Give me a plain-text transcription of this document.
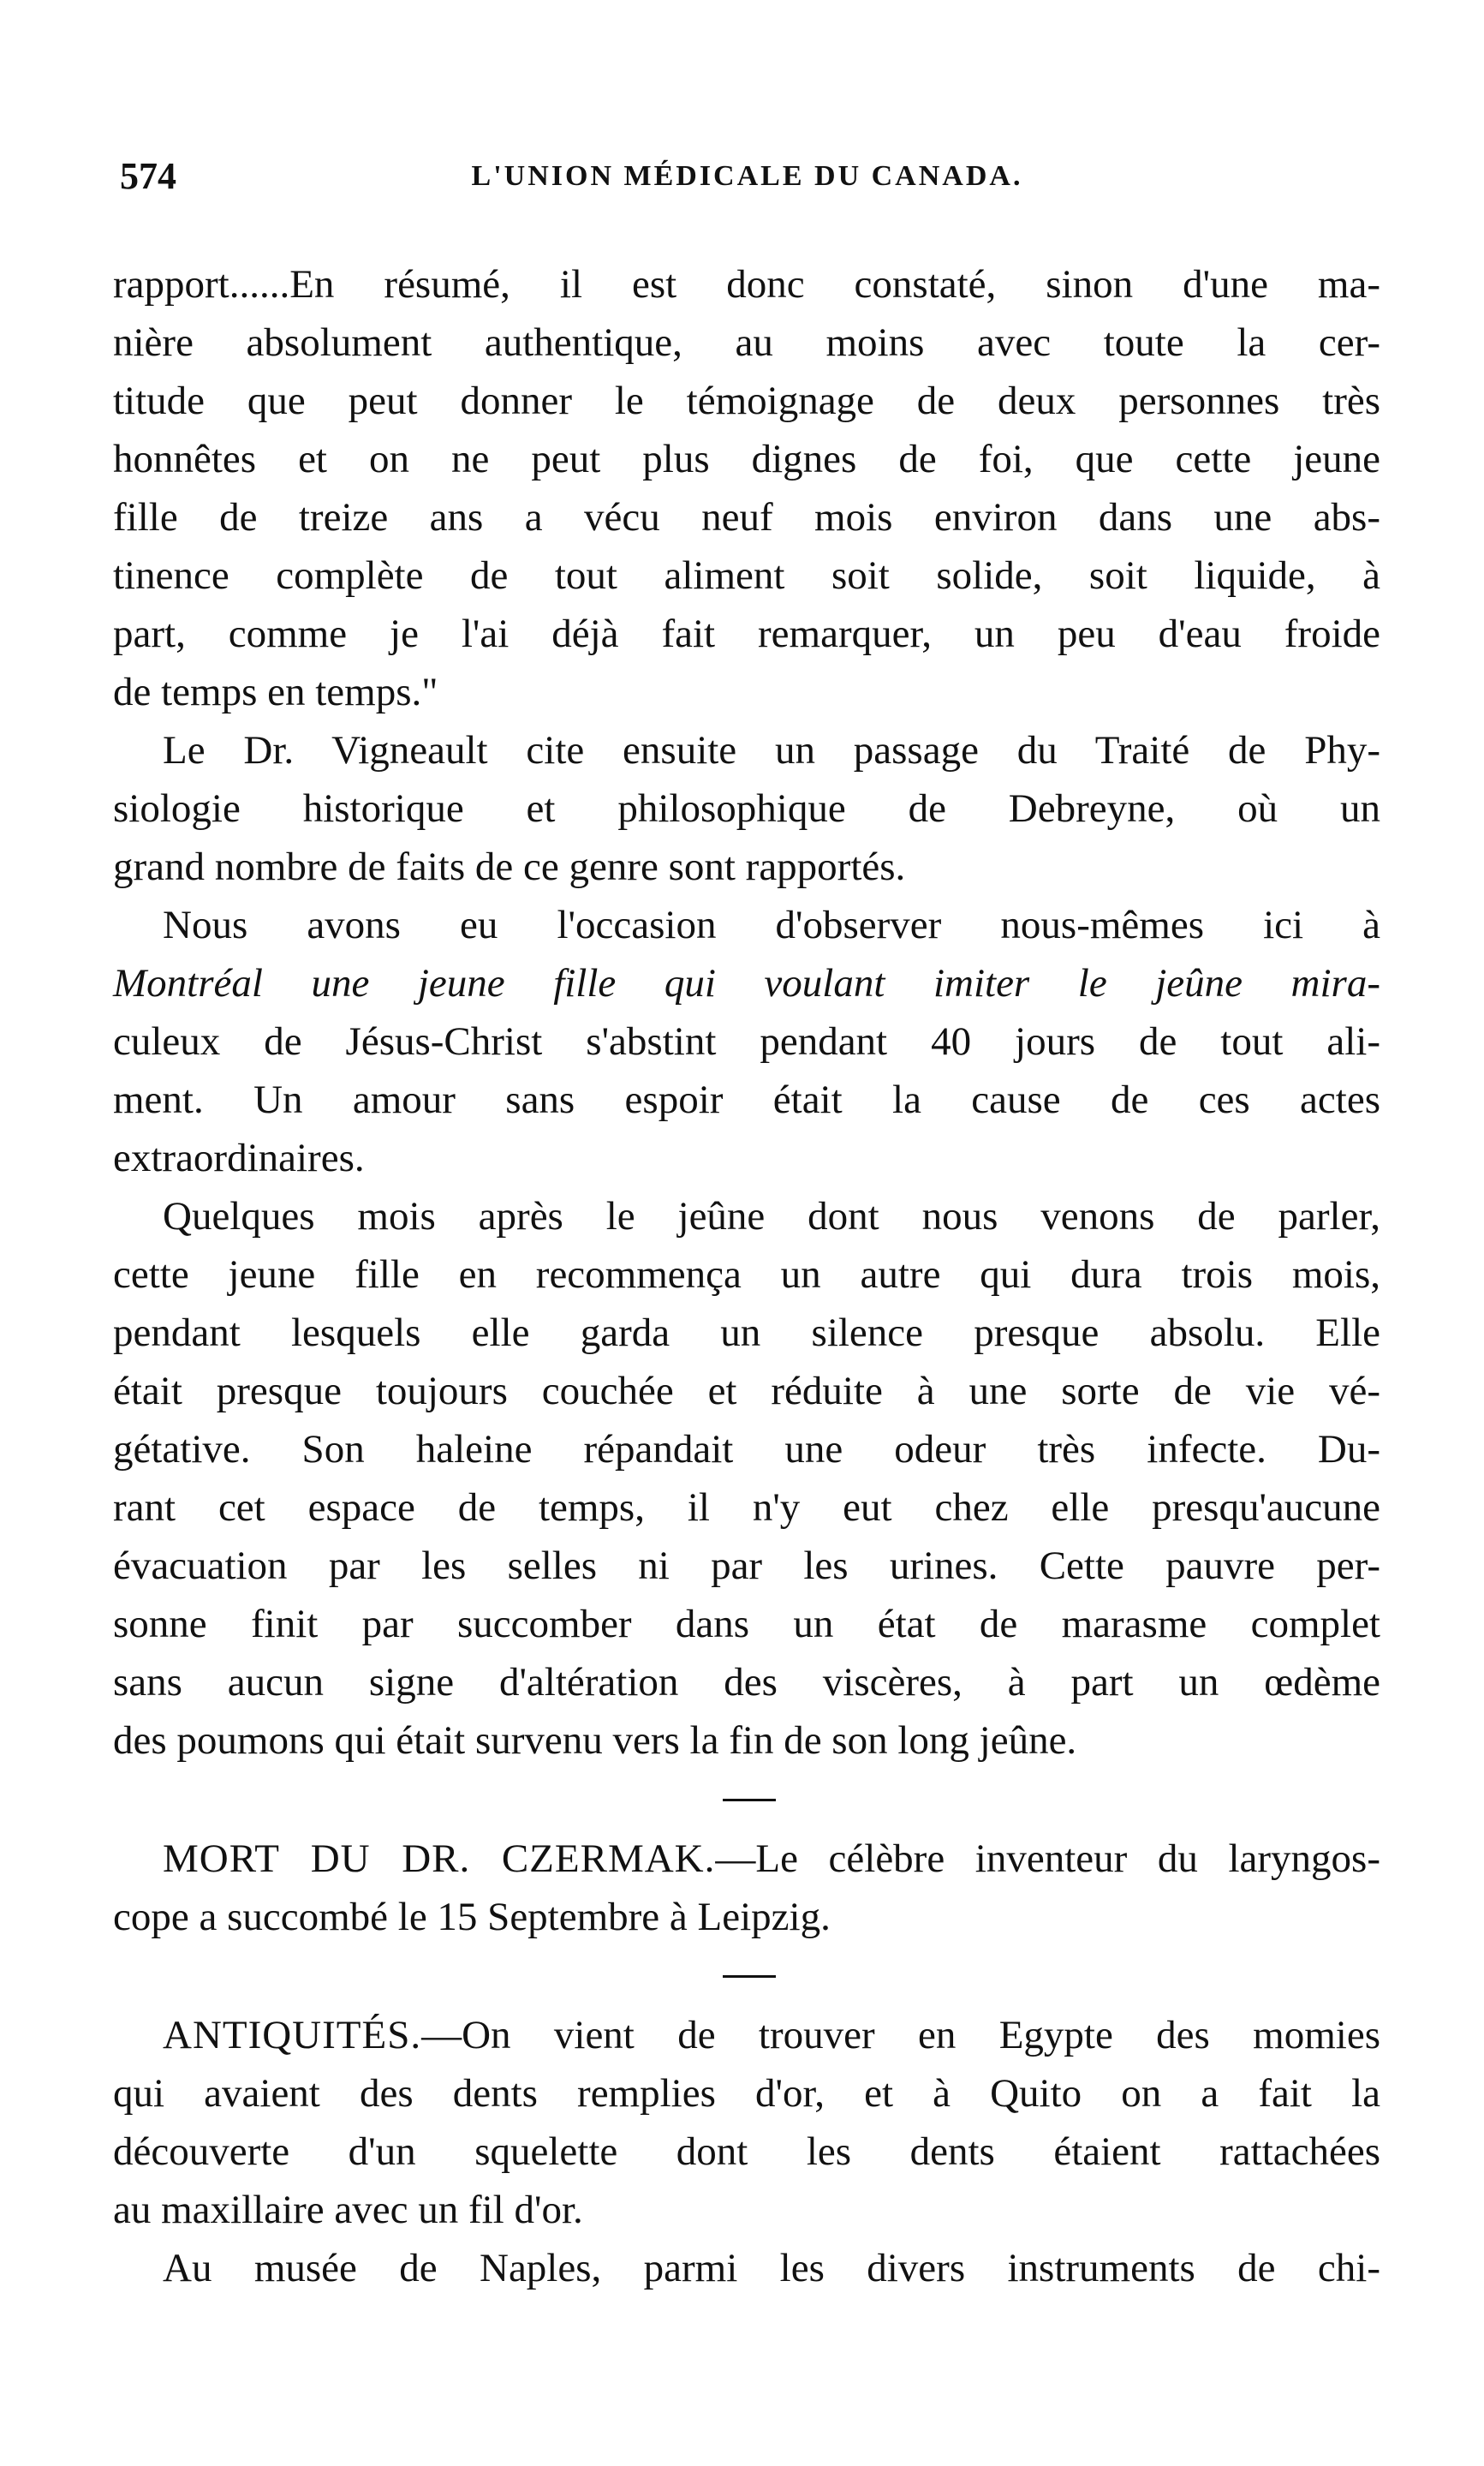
574	L'UNION MÉDICALE DU CANADA.
rapport......En résumé, il est donc constaté, sinon d'une ma-
nière absolument authentique, au moins avec toute la cer-
titude que peut donner le témoignage de deux personnes très
honnêtes et on ne peut plus dignes de foi, que cette jeune
fille de treize ans a vécu neuf mois environ dans une abs-
tinence complète de tout aliment soit solide, soit liquide, à
part, comme je l'ai déjà fait remarquer, un peu d'eau froide
de temps en temps."
Le Dr. Vigneault cite ensuite un passage du Traité de Phy-
siologie historique et philosophique de Debreyne, où un
grand nombre de faits de ce genre sont rapportés.
Nous avons eu l'occasion d'observer nous-mêmes ici à
Montréal une jeune fille qui voulant imiter le jeûne mira-
culeux de Jésus-Christ s'abstint pendant 40 jours de tout ali-
ment. Un amour sans espoir était la cause de ces actes
extraordinaires.
Quelques mois après le jeûne dont nous venons de parler,
cette jeune fille en recommença un autre qui dura trois mois,
pendant lesquels elle garda un silence presque absolu. Elle
était presque toujours couchée et réduite à une sorte de vie vé-
gétative. Son haleine répandait une odeur très infecte. Du-
rant cet espace de temps, il n'y eut chez elle presqu'aucune
évacuation par les selles ni par les urines. Cette pauvre per-
sonne finit par succomber dans un état de marasme complet
sans aucun signe d'altération des viscères, à part un œdème
des poumons qui était survenu vers la fin de son long jeûne.
MORT DU DR. CZERMAK.—Le célèbre inventeur du laryngos-
cope a succombé le 15 Septembre à Leipzig.
ANTIQUITÉS.—On vient de trouver en Egypte des momies
qui avaient des dents remplies d'or, et à Quito on a fait la
découverte d'un squelette dont les dents étaient rattachées
au maxillaire avec un fil d'or.
Au musée de Naples, parmi les divers instruments de chi-
